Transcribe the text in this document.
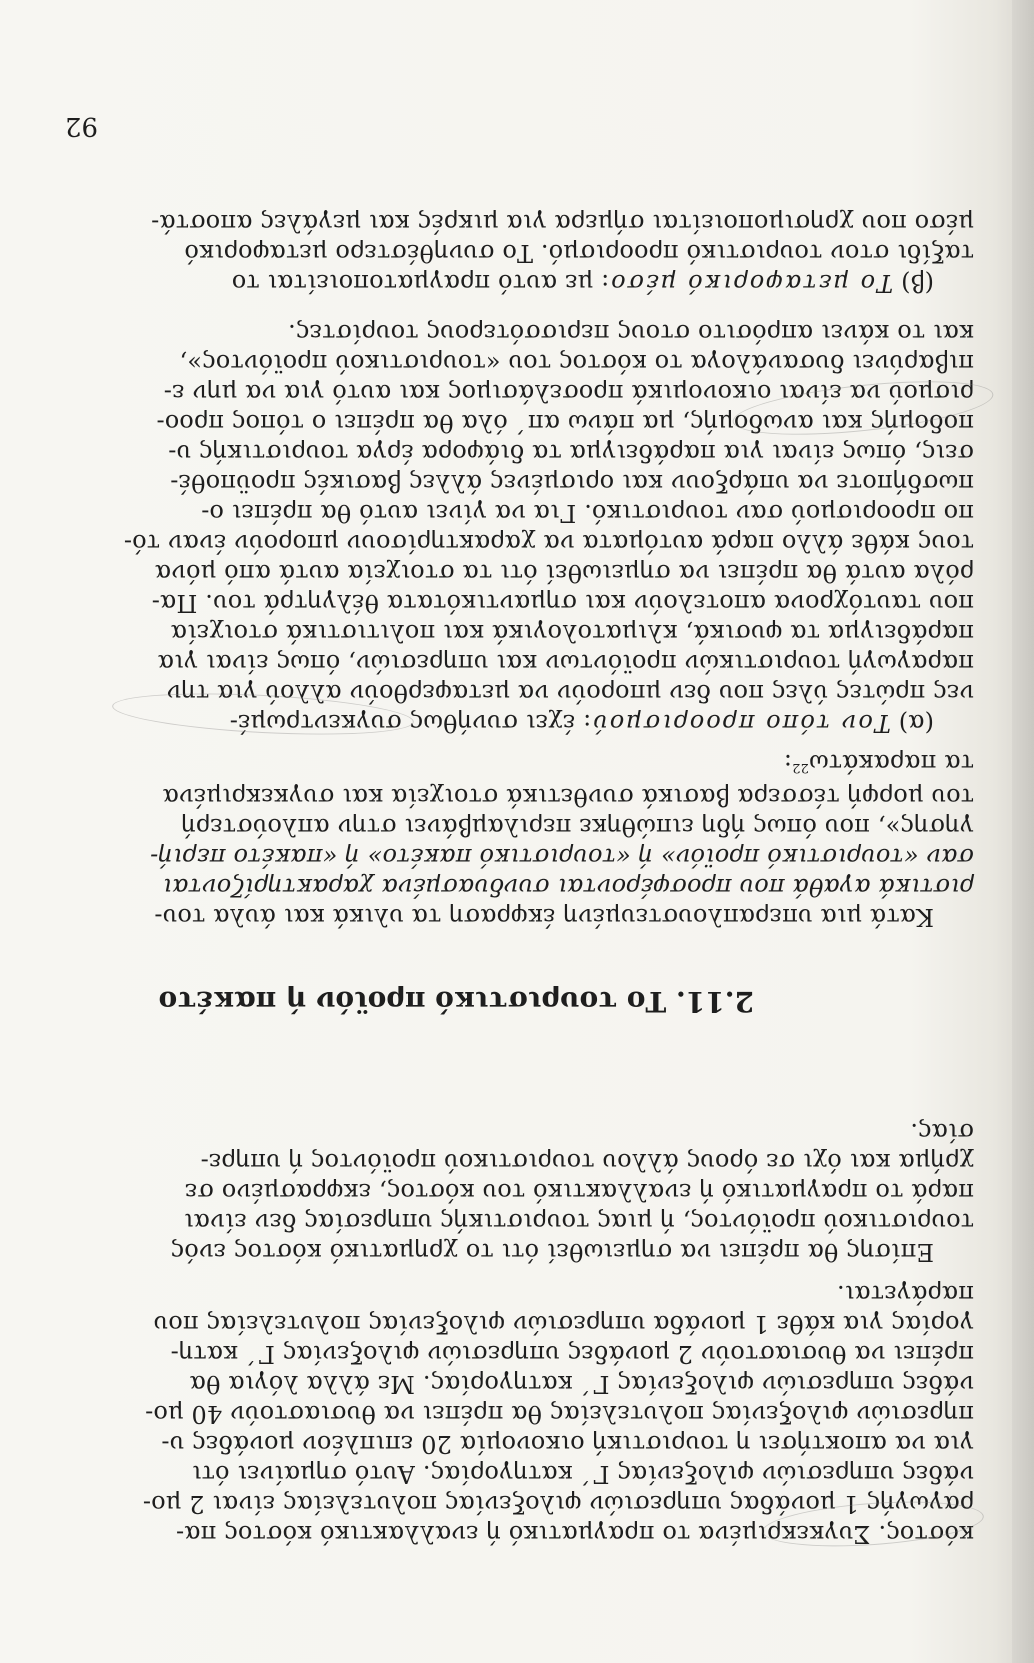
92
κόστος. Συγκεκριμένα το πραγματικό ή εναλλακτικό κόστος πα-
ραγωγής 1 μονάδας υπηρεσιών φιλοξενίας πολυτελείας είναι 2 μο-
νάδες υπηρεσιών φιλοξενίας Γ΄ κατηγορίας. Αυτό σημαίνει ότι
για να αποκτήσει η τουριστική οικονομία 20 επιπλέον μονάδες υ-
πηρεσιών φιλοξενίας πολυτελείας θα πρέπει να θυσιαστούν 40 μο-
νάδες υπηρεσιών φιλοξενίας Γ΄ κατηγορίας. Με άλλα λόγια θα
πρέπει να θυσιαστούν 2 μονάδες υπηρεσιών φιλοξενίας Γ΄ κατη-
γορίας για κάθε 1 μονάδα υπηρεσιών φιλοξενίας πολυτελείας που
παράγεται.
Επίσης θα πρέπει να σημειωθεί ότι το χρηματικό κόστος ενός
τουριστικού προϊόντος, ή μιας τουριστικής υπηρεσίας δεν είναι
παρά το πραγματικό ή εναλλακτικό του κόστος, εκφρασμένο σε
χρήμα και όχι σε όρους άλλου τουριστικού προϊόντος ή υπηρε-
σίας.
2.11. Το τουριστικό προϊόν ή πακέτο
Κατά μια υπεραπλουστευμένη έκφραση τα υλικά και άυλα του-
ριστικά αγαθά που προσφέρονται συνδυασμένα χαρακτηρίζονται
σαν «τουριστικό προϊόν» ή «τουριστικό πακέτο» ή «πακέτο περιή-
γησης», που όπως ήδη ειπώθηκε περιλαμβάνει στην απλούστερή
του μορφή τέσσερα βασικά συνθετικά στοιχεία και συγκεκριμένα
τα παρακάτω$^{22}$:
(α) Τον τόπο προορισμού: έχει συνήθως συγκεντρωμέ-
νες πρώτες ύλες που δεν μπορούν να μεταφερθούν αλλού για την
παραγωγή τουριστικών προϊόντων και υπηρεσιών, όπως είναι για
παράδειγμα τα φυσικά, κλιματολογικά και πολιτιστικά στοιχεία
που ταυτόχρονα αποτελούν και σημαντικότατα θέλγητρά του. Πα-
ρόλα αυτά θα πρέπει να σημειωθεί ότι τα στοιχεία αυτά από μόνα
τους κάθε άλλο παρά αυτόματα να χαρακτηρίσουν μπορούν έναν τό-
πο προορισμού σαν τουριστικό. Για να γίνει αυτό θα πρέπει ο-
πωσδήποτε να υπάρξουν και ορισμένες άλλες βασικές προϋποθέ-
σεις, όπως είναι για παράδειγμα τα διάφορα έργα τουριστικής υ-
ποδομής και ανωδομής, μα πάνω απ΄ όλα θα πρέπει ο τόπος προο-
ρισμού να είναι οικονομικά προσελάσιμος και αυτό για να μην ε-
πιβαρύνει δυσανάλογα το κόστος του «τουριστικού προϊόντος»,
και το κάνει απρόσιτο στους περισσότερους τουρίστες.
(β) Το μεταφορικό μέσο: με αυτό πραγματοποιείται το
ταξίδι στον τουριστικό προορισμό. Το συνηθέστερο μεταφορικό
μέσο που χρησιμοποιείται σήμερα για μικρές και μεγάλες αποστά-
